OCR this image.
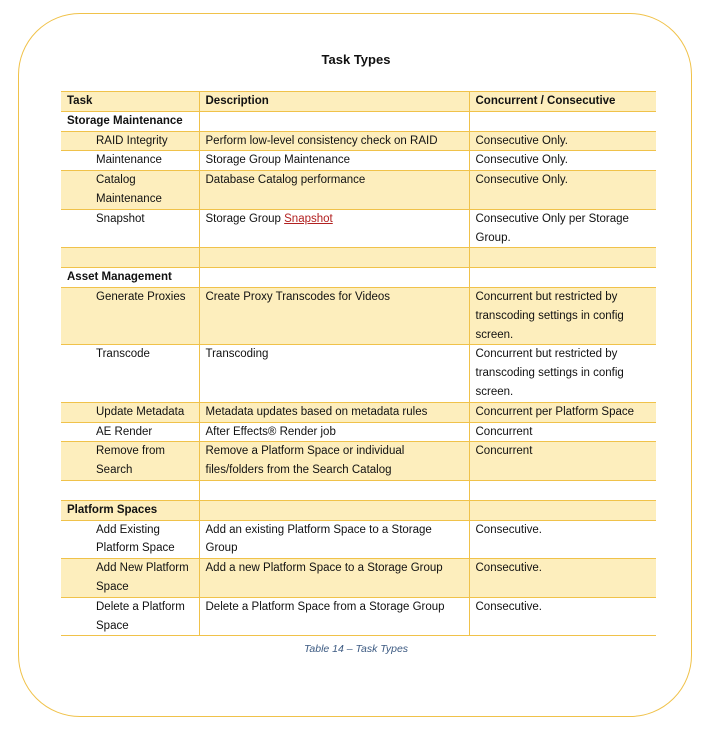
Task Types
Task	Description	Concurrent / Consecutive
Storage Maintenance		
RAID Integrity	Perform low-level consistency check on RAID	Consecutive Only.
Maintenance	Storage Group Maintenance	Consecutive Only.
Catalog Maintenance	Database Catalog performance	Consecutive Only.
Snapshot	Storage Group Snapshot	Consecutive Only per Storage Group.

Asset Management		
Generate Proxies	Create Proxy Transcodes for Videos	Concurrent but restricted by transcoding settings in config screen.
Transcode	Transcoding	Concurrent but restricted by transcoding settings in config screen.
Update Metadata	Metadata updates based on metadata rules	Concurrent per Platform Space
AE Render	After Effects® Render job	Concurrent
Remove from Search	Remove a Platform Space or individual files/folders from the Search Catalog	Concurrent

Platform Spaces		
Add Existing Platform Space	Add an existing Platform Space to a Storage Group	Consecutive.
Add New Platform Space	Add a new Platform Space to a Storage Group	Consecutive.
Delete a Platform Space	Delete a Platform Space from a Storage Group	Consecutive.
Table 14 – Task Types
